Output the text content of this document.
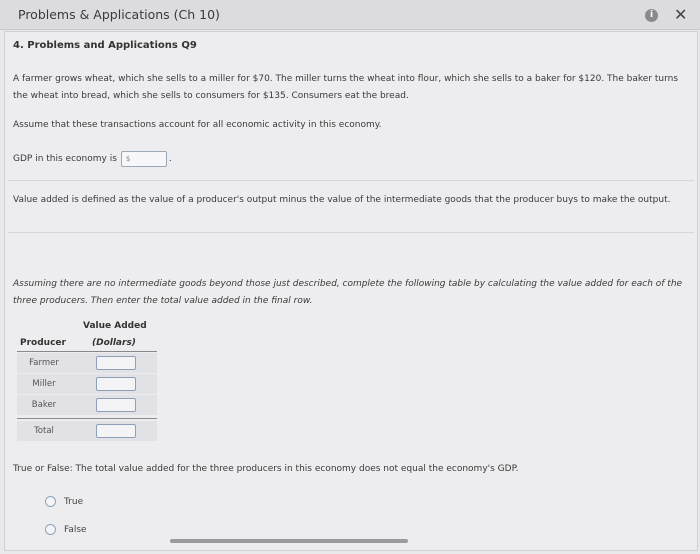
Problems & Applications (Ch 10)	i	✕
4. Problems and Applications Q9
A farmer grows wheat, which she sells to a miller for $70. The miller turns the wheat into flour, which she sells to a baker for $120. The baker turns
the wheat into bread, which she sells to consumers for $135. Consumers eat the bread.
Assume that these transactions account for all economic activity in this economy.
GDP in this economy is $	.
Value added is defined as the value of a producer's output minus the value of the intermediate goods that the producer buys to make the output.
Assuming there are no intermediate goods beyond those just described, complete the following table by calculating the value added for each of the
three producers. Then enter the total value added in the final row.
Value Added
Producer	(Dollars)
Farmer
Miller
Baker
Total
True or False: The total value added for the three producers in this economy does not equal the economy's GDP.
True
False
